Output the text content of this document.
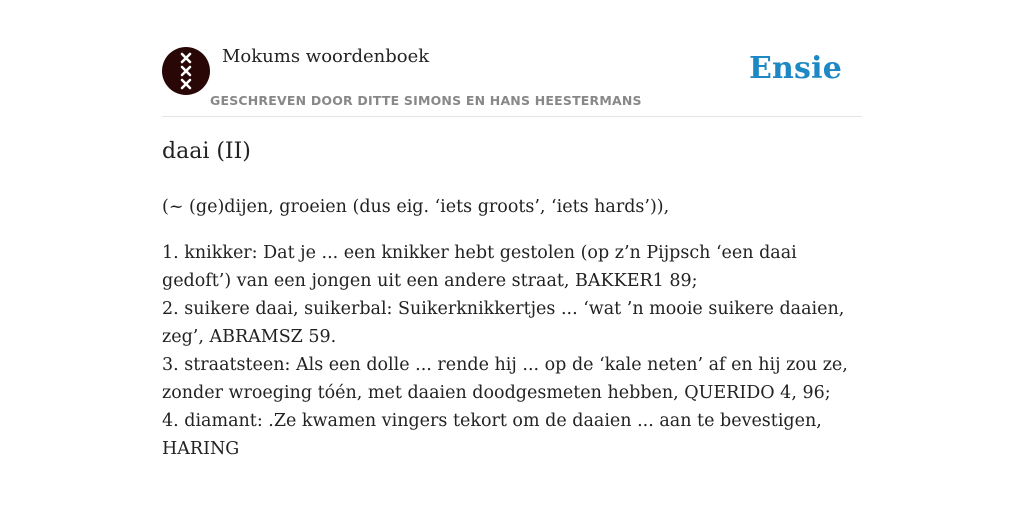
Mokums woordenboek	Ensie
GESCHREVEN DOOR DITTE SIMONS EN HANS HEESTERMANS
daai (II)
(~ (ge)dijen, groeien (dus eig. ‘iets groots’, ‘iets hards’)),
1. knikker: Dat je ... een knikker hebt gestolen (op z’n Pijpsch ‘een daai gedoft’) van een jongen uit een andere straat, BAKKER1 89;
2. suikere daai, suikerbal: Suikerknikkertjes ... ‘wat ’n mooie suikere daaien, zeg’, ABRAMSZ 59.
3. straatsteen: Als een dolle ... rende hij ... op de ‘kale neten’ af en hij zou ze, zonder wroeging tóén, met daaien doodgesmeten hebben, QUERIDO 4, 96;
4. diamant: .Ze kwamen vingers tekort om de daaien ... aan te bevestigen, HARING
